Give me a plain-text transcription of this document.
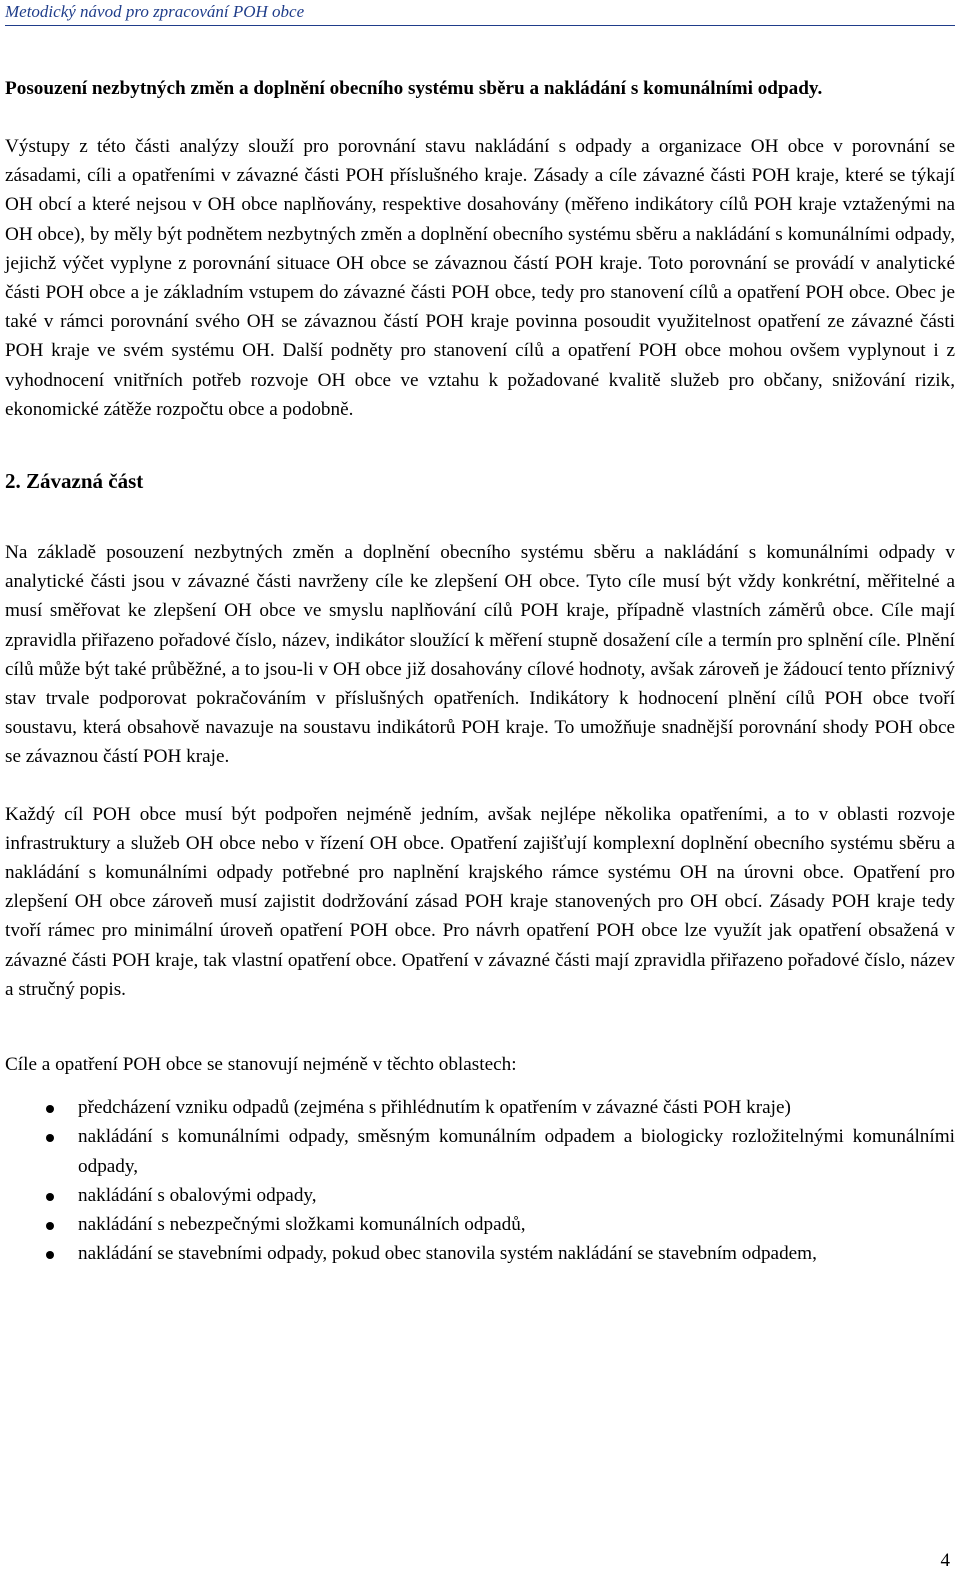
Metodický návod pro zpracování POH obce

Posouzení nezbytných změn a doplnění obecního systému sběru a nakládání s komunálními odpady.

Výstupy z této části analýzy slouží pro porovnání stavu nakládání s odpady a organizace OH obce v porovnání se zásadami, cíli a opatřeními v závazné části POH příslušného kraje. Zásady a cíle závazné části POH kraje, které se týkají OH obcí a které nejsou v OH obce naplňovány, respektive dosahovány (měřeno indikátory cílů POH kraje vztaženými na OH obce), by měly být podnětem nezbytných změn a doplnění obecního systému sběru a nakládání s komunálními odpady, jejichž výčet vyplyne z porovnání situace OH obce se závaznou částí POH kraje. Toto porovnání se provádí v analytické části POH obce a je základním vstupem do závazné části POH obce, tedy pro stanovení cílů a opatření POH obce. Obec je také v rámci porovnání svého OH se závaznou částí POH kraje povinna posoudit využitelnost opatření ze závazné části POH kraje ve svém systému OH. Další podněty pro stanovení cílů a opatření POH obce mohou ovšem vyplynout i z vyhodnocení vnitřních potřeb rozvoje OH obce ve vztahu k požadované kvalitě služeb pro občany, snižování rizik, ekonomické zátěže rozpočtu obce a podobně.

2. Závazná část

Na základě posouzení nezbytných změn a doplnění obecního systému sběru a nakládání s komunálními odpady v analytické části jsou v závazné části navrženy cíle ke zlepšení OH obce. Tyto cíle musí být vždy konkrétní, měřitelné a musí směřovat ke zlepšení OH obce ve smyslu naplňování cílů POH kraje, případně vlastních záměrů obce. Cíle mají zpravidla přiřazeno pořadové číslo, název, indikátor sloužící k měření stupně dosažení cíle a termín pro splnění cíle. Plnění cílů může být také průběžné, a to jsou-li v OH obce již dosahovány cílové hodnoty, avšak zároveň je žádoucí tento příznivý stav trvale podporovat pokračováním v příslušných opatřeních. Indikátory k hodnocení plnění cílů POH obce tvoří soustavu, která obsahově navazuje na soustavu indikátorů POH kraje. To umožňuje snadnější porovnání shody POH obce se závaznou částí POH kraje.

Každý cíl POH obce musí být podpořen nejméně jedním, avšak nejlépe několika opatřeními, a to v oblasti rozvoje infrastruktury a služeb OH obce nebo v řízení OH obce. Opatření zajišťují komplexní doplnění obecního systému sběru a nakládání s komunálními odpady potřebné pro naplnění krajského rámce systému OH na úrovni obce. Opatření pro zlepšení OH obce zároveň musí zajistit dodržování zásad POH kraje stanovených pro OH obcí. Zásady POH kraje tedy tvoří rámec pro minimální úroveň opatření POH obce. Pro návrh opatření POH obce lze využít jak opatření obsažená v závazné části POH kraje, tak vlastní opatření obce. Opatření v závazné části mají zpravidla přiřazeno pořadové číslo, název a stručný popis.

Cíle a opatření POH obce se stanovují nejméně v těchto oblastech:

předcházení vzniku odpadů (zejména s přihlédnutím k opatřením v závazné části POH kraje)
nakládání s komunálními odpady, směsným komunálním odpadem a biologicky rozložitelnými komunálními odpady,
nakládání s obalovými odpady,
nakládání s nebezpečnými složkami komunálních odpadů,
nakládání se stavebními odpady, pokud obec stanovila systém nakládání se stavebním odpadem,
4
